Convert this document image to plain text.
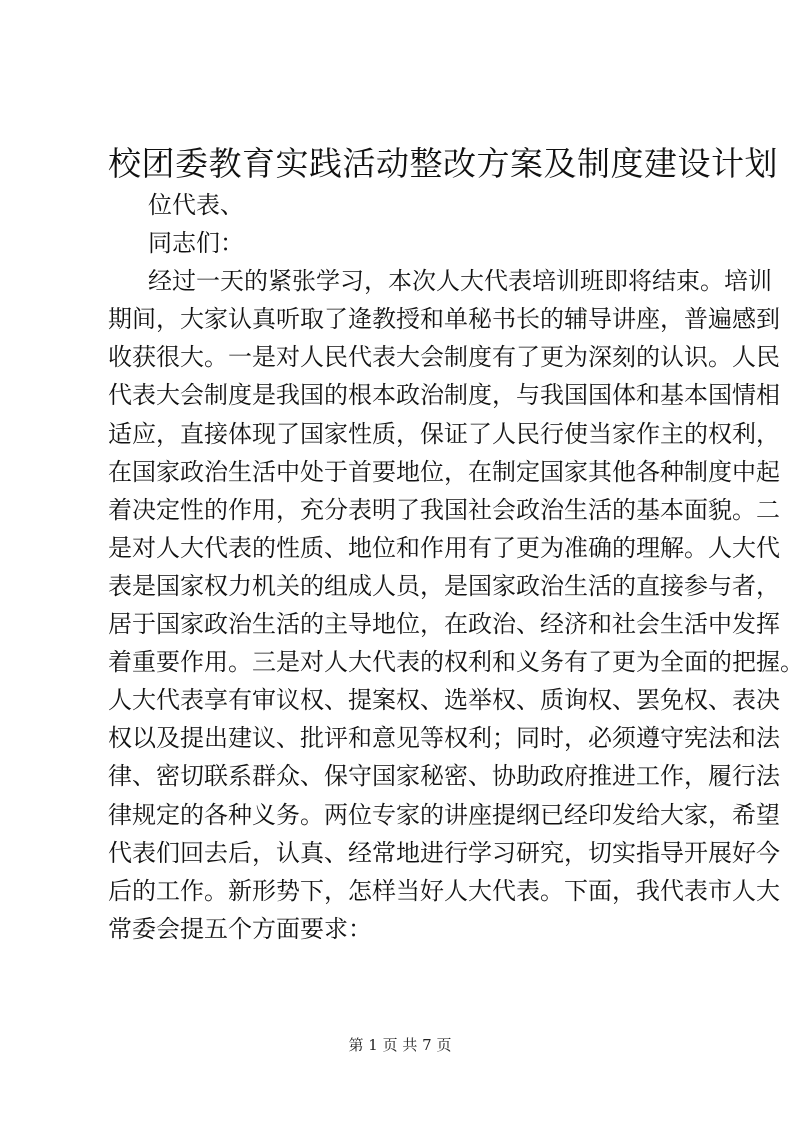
校团委教育实践活动整改方案及制度建设计划
位代表、
同志们：
经过一天的紧张学习，本次人大代表培训班即将结束。培训
期间，大家认真听取了逄教授和单秘书长的辅导讲座，普遍感到
收获很大。一是对人民代表大会制度有了更为深刻的认识。人民
代表大会制度是我国的根本政治制度，与我国国体和基本国情相
适应，直接体现了国家性质，保证了人民行使当家作主的权利，
在国家政治生活中处于首要地位，在制定国家其他各种制度中起
着决定性的作用，充分表明了我国社会政治生活的基本面貌。二
是对人大代表的性质、地位和作用有了更为准确的理解。人大代
表是国家权力机关的组成人员，是国家政治生活的直接参与者，
居于国家政治生活的主导地位，在政治、经济和社会生活中发挥
着重要作用。三是对人大代表的权利和义务有了更为全面的把握。
人大代表享有审议权、提案权、选举权、质询权、罢免权、表决
权以及提出建议、批评和意见等权利；同时，必须遵守宪法和法
律、密切联系群众、保守国家秘密、协助政府推进工作，履行法
律规定的各种义务。两位专家的讲座提纲已经印发给大家，希望
代表们回去后，认真、经常地进行学习研究，切实指导开展好今
后的工作。新形势下，怎样当好人大代表。下面，我代表市人大
常委会提五个方面要求：
第 1 页 共 7 页
